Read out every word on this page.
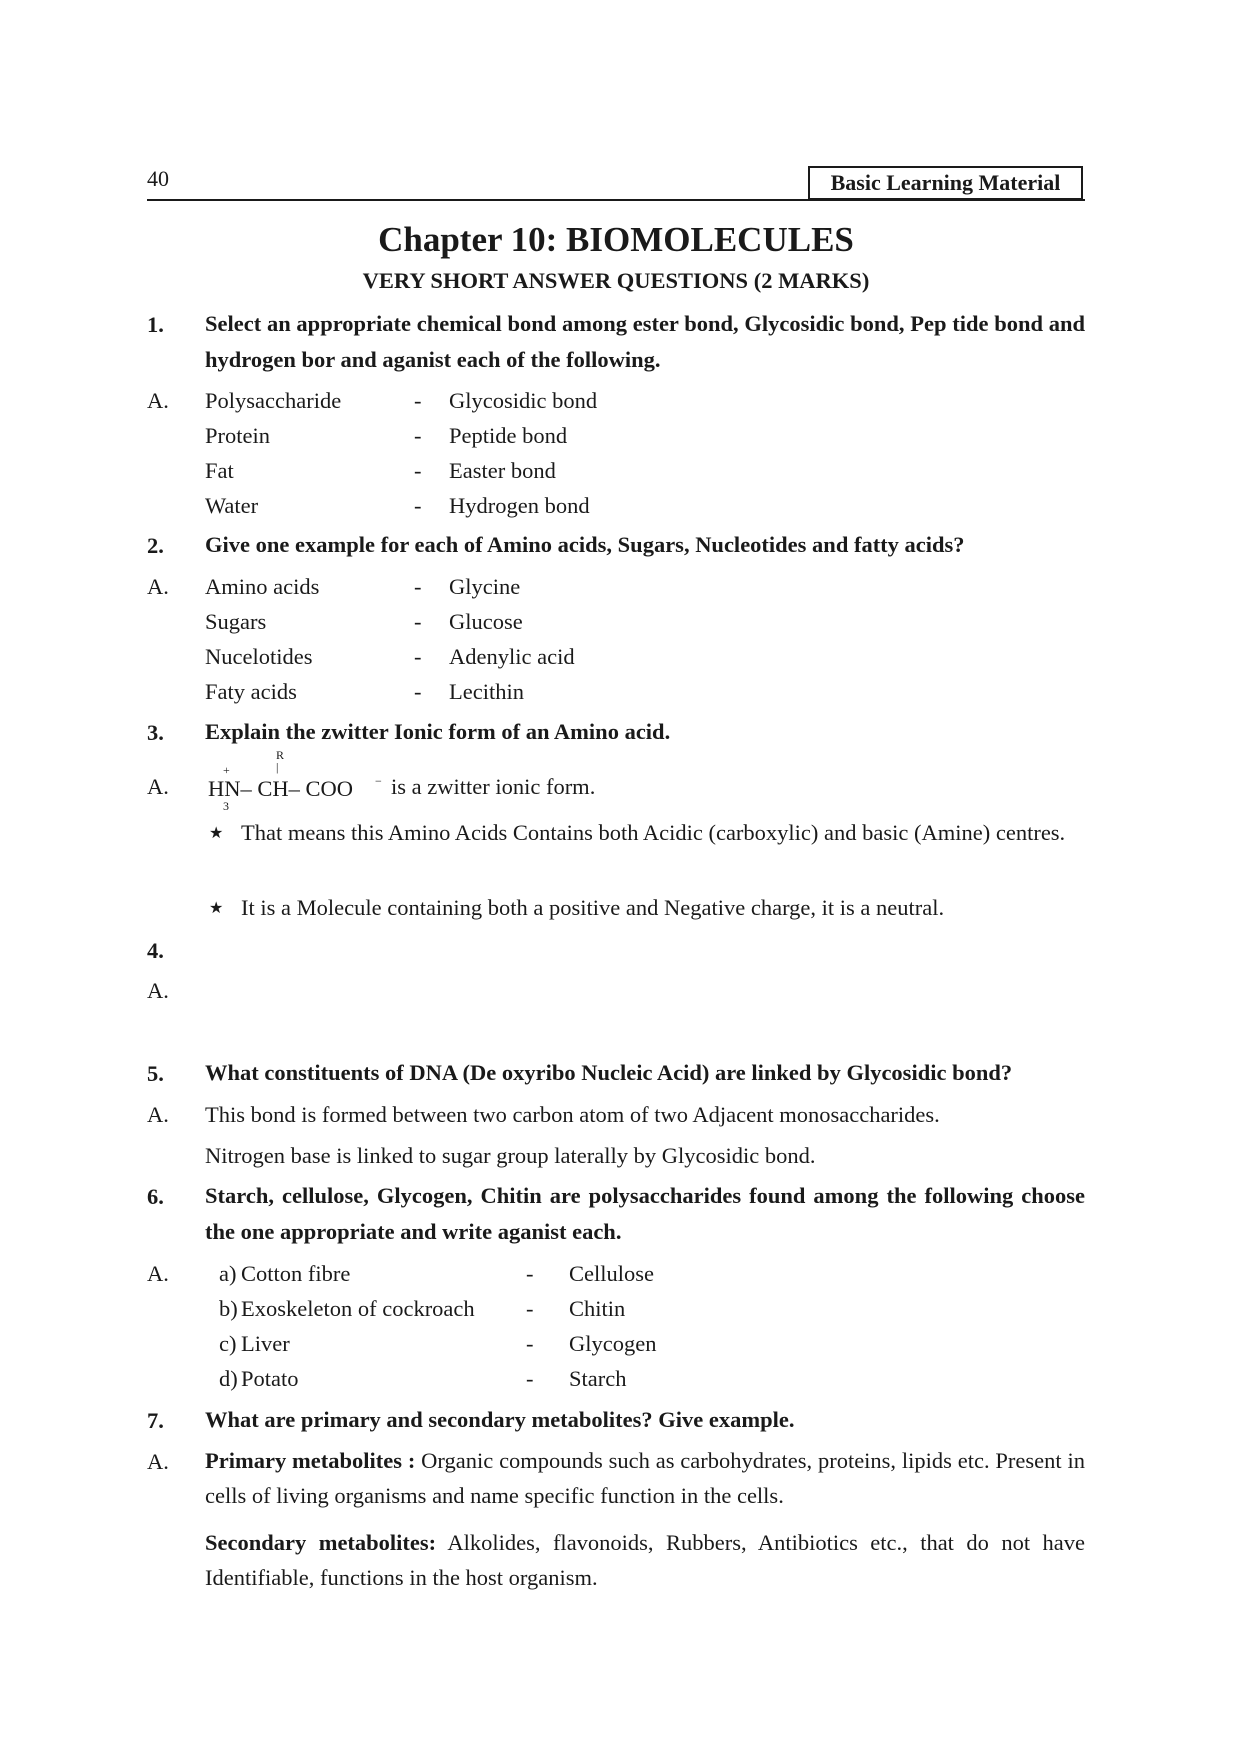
40	Basic Learning Material
Chapter 10: BIOMOLECULES
VERY SHORT ANSWER QUESTIONS (2 MARKS)
1. Select an appropriate chemical bond among ester bond, Glycosidic bond, Pep tide bond and hydrogen bor and aganist each of the following.
A. Polysaccharide	- Glycosidic bond
Protein	- Peptide bond
Fat	- Easter bond
Water	- Hydrogen bond
2. Give one example for each of Amino acids, Sugars, Nucleotides and fatty acids?
A. Amino acids	- Glycine
Sugars	- Glucose
Nucelotides	- Adenylic acid
Faty acids	- Lecithin
3. Explain the zwitter Ionic form of an Amino acid.
A.
R
|
+
HN– CH– COO −
3
is a zwitter ionic form.
★ That means this Amino Acids Contains both Acidic (carboxylic) and basic (Amine) centres.
★ It is a Molecule containing both a positive and Negative charge, it is a neutral.
4.
A.
5. What constituents of DNA (De oxyribo Nucleic Acid) are linked by Glycosidic bond?
A. This bond is formed between two carbon atom of two Adjacent monosaccharides.
Nitrogen base is linked to sugar group laterally by Glycosidic bond.
6. Starch, cellulose, Glycogen, Chitin are polysaccharides found among the following choose the one appropriate and write aganist each.
A. a) Cotton fibre	- Cellulose
b) Exoskeleton of cockroach - Chitin
c) Liver	- Glycogen
d) Potato	- Starch
7. What are primary and secondary metabolites? Give example.
A. Primary metabolites : Organic compounds such as carbohydrates, proteins, lipids etc. Present in cells of living organisms and name specific function in the cells.
Secondary metabolites: Alkolides, flavonoids, Rubbers, Antibiotics etc., that do not have Identifiable, functions in the host organism.
